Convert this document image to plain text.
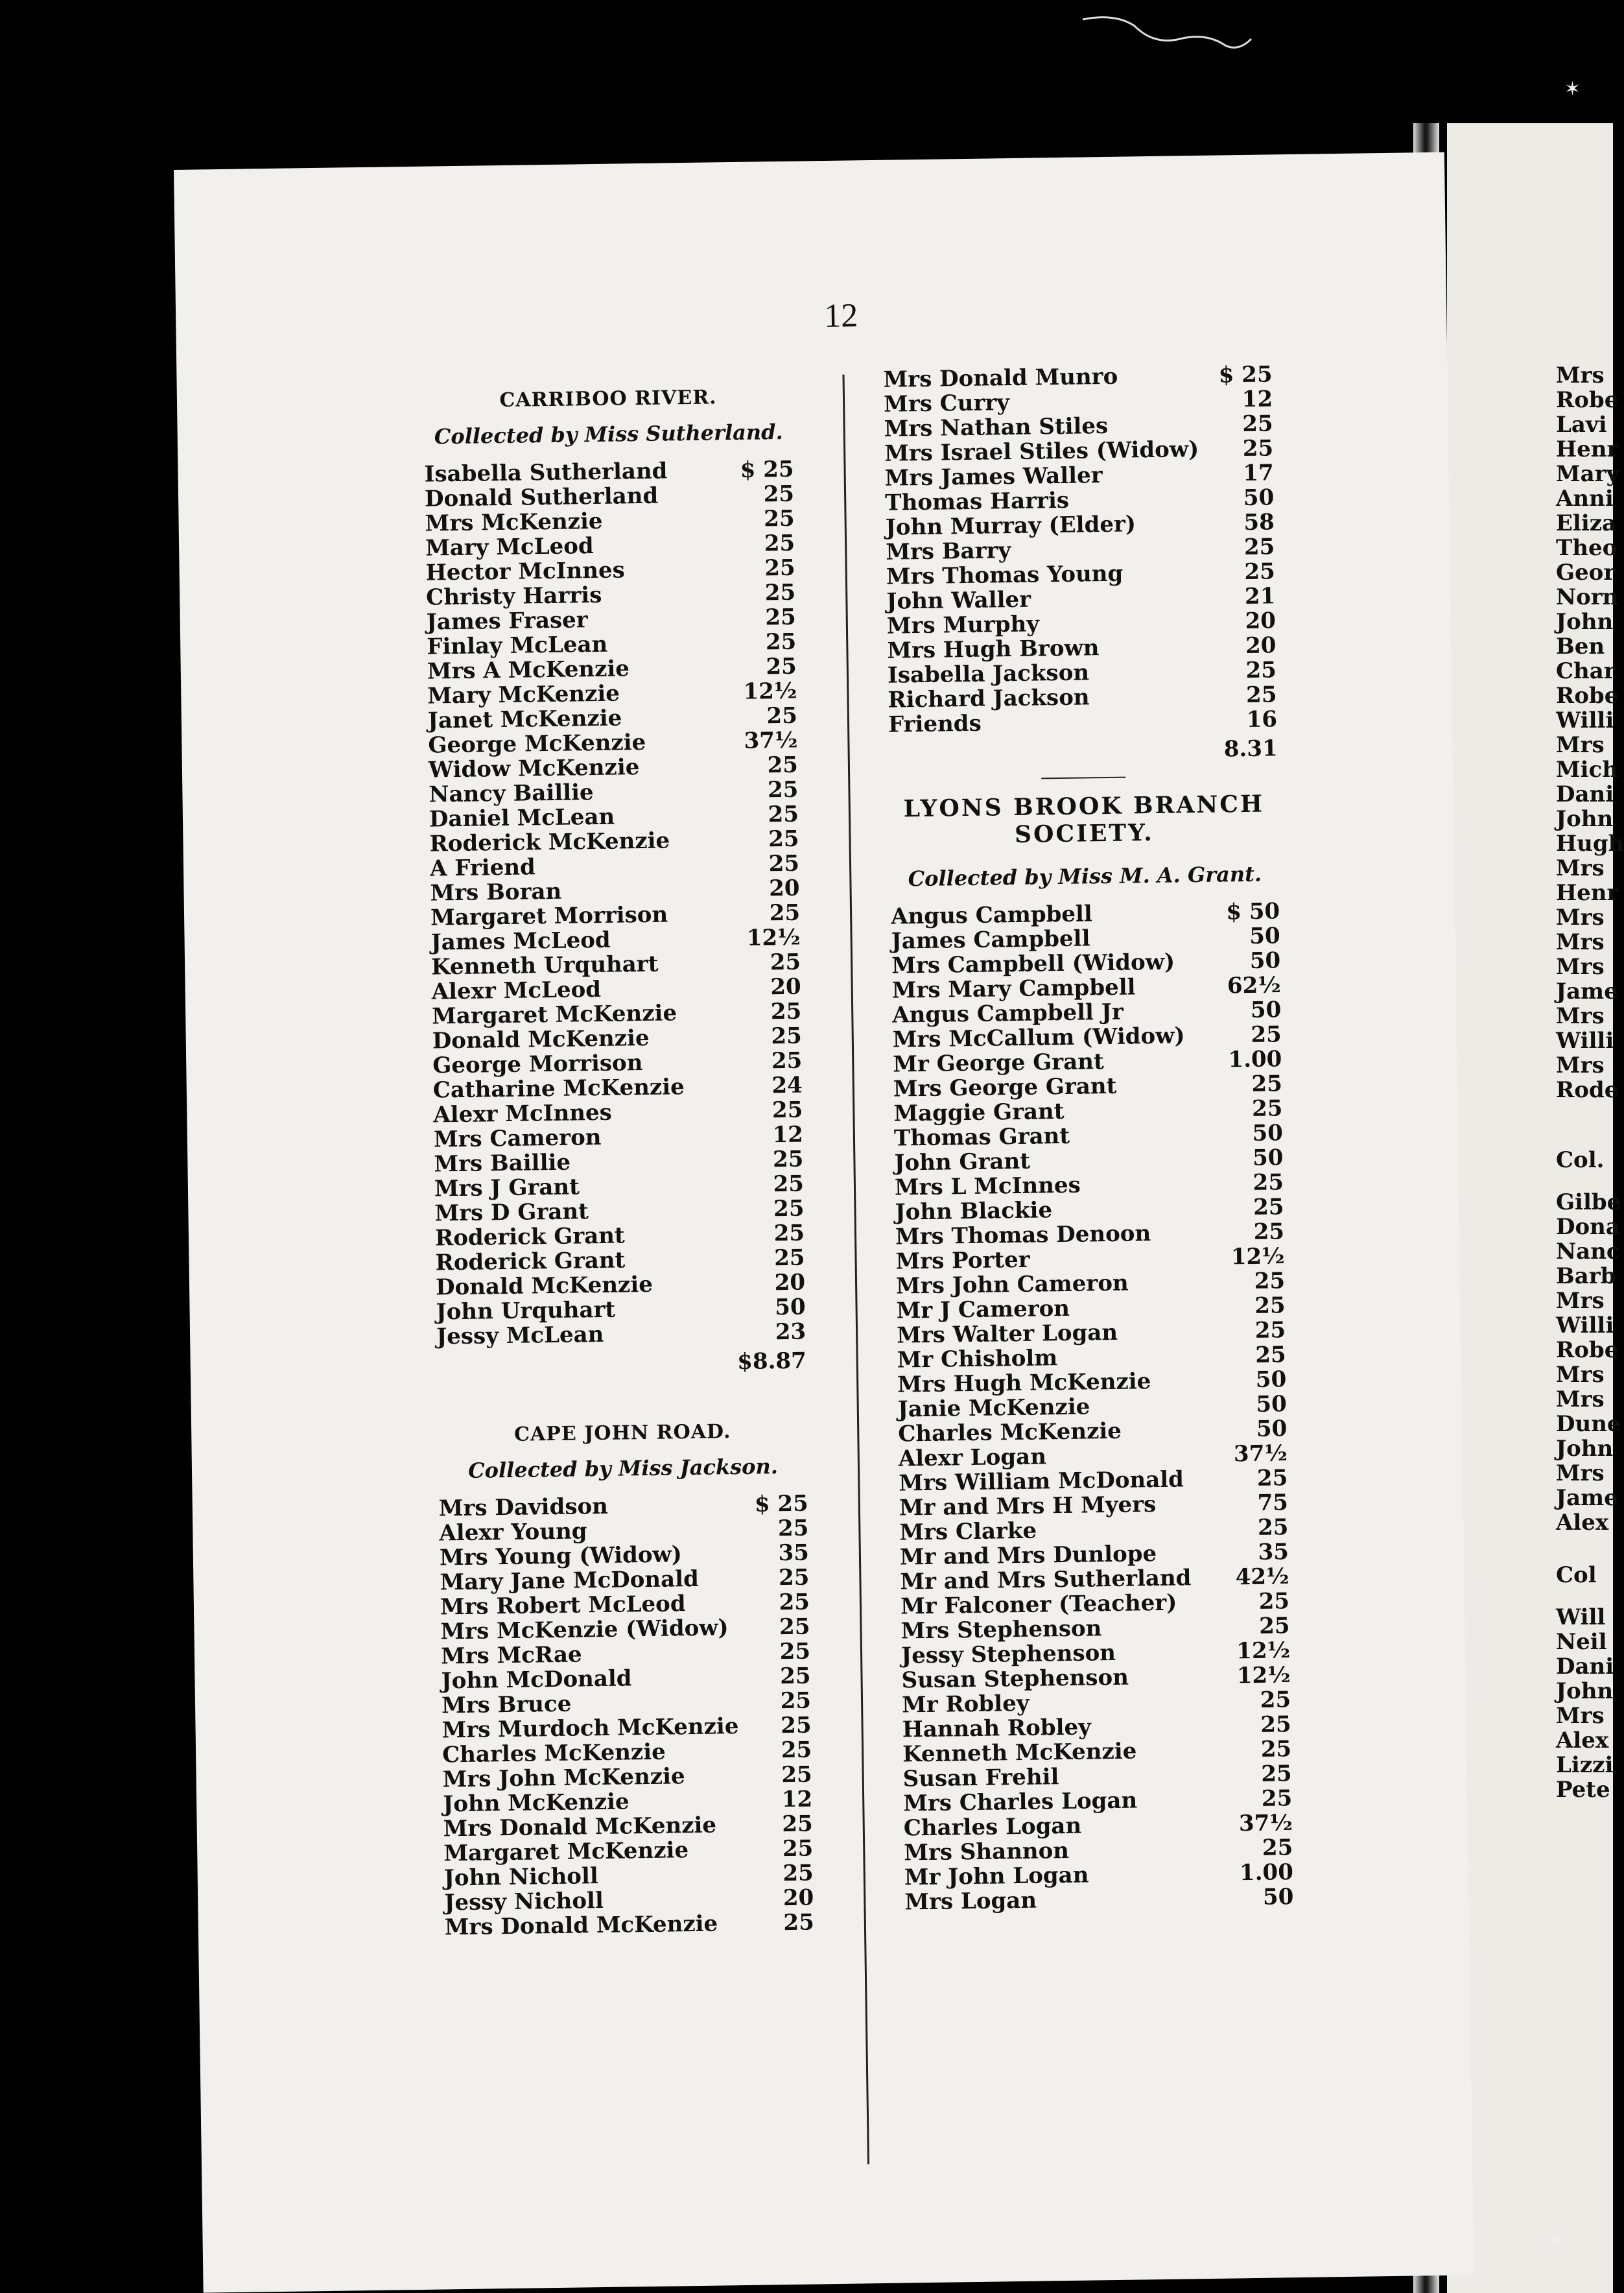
✶
❟
12
CARRIBOO RIVER.
Collected by Miss Sutherland.
Isabella Sutherland	$ 25
Donald Sutherland	25
Mrs McKenzie	25
Mary McLeod	25
Hector McInnes	25
Christy Harris	25
James Fraser	25
Finlay McLean	25
Mrs A McKenzie	25
Mary McKenzie	12½
Janet McKenzie	25
George McKenzie	37½
Widow McKenzie	25
Nancy Baillie	25
Daniel McLean	25
Roderick McKenzie	25
A Friend	25
Mrs Boran	20
Margaret Morrison	25
James McLeod	12½
Kenneth Urquhart	25
Alexr McLeod	20
Margaret McKenzie	25
Donald McKenzie	25
George Morrison	25
Catharine McKenzie	24
Alexr McInnes	25
Mrs Cameron	12
Mrs Baillie	25
Mrs J Grant	25
Mrs D Grant	25
Roderick Grant	25
Roderick Grant	25
Donald McKenzie	20
John Urquhart	50
Jessy McLean	23
$8.87
CAPE JOHN ROAD.
Collected by Miss Jackson.
Mrs Davidson	$ 25
Alexr Young	25
Mrs Young (Widow)	35
Mary Jane McDonald	25
Mrs Robert McLeod	25
Mrs McKenzie (Widow)	25
Mrs McRae	25
John McDonald	25
Mrs Bruce	25
Mrs Murdoch McKenzie	25
Charles McKenzie	25
Mrs John McKenzie	25
John McKenzie	12
Mrs Donald McKenzie	25
Margaret McKenzie	25
John Nicholl	25
Jessy Nicholl	20
Mrs Donald McKenzie	25
Mrs Donald Munro	$ 25
Mrs Curry	12
Mrs Nathan Stiles	25
Mrs Israel Stiles (Widow)	25
Mrs James Waller	17
Thomas Harris	50
John Murray (Elder)	58
Mrs Barry	25
Mrs Thomas Young	25
John Waller	21
Mrs Murphy	20
Mrs Hugh Brown	20
Isabella Jackson	25
Richard Jackson	25
Friends	16
8.31
LYONS BROOK BRANCH
SOCIETY.
Collected by Miss M. A. Grant.
Angus Campbell	$ 50
James Campbell	50
Mrs Campbell (Widow)	50
Mrs Mary Campbell	62½
Angus Campbell Jr	50
Mrs McCallum (Widow)	25
Mr George Grant	1.00
Mrs George Grant	25
Maggie Grant	25
Thomas Grant	50
John Grant	50
Mrs L McInnes	25
John Blackie	25
Mrs Thomas Denoon	25
Mrs Porter	12½
Mrs John Cameron	25
Mr J Cameron	25
Mrs Walter Logan	25
Mr Chisholm	25
Mrs Hugh McKenzie	50
Janie McKenzie	50
Charles McKenzie	50
Alexr Logan	37½
Mrs William McDonald	25
Mr and Mrs H Myers	75
Mrs Clarke	25
Mr and Mrs Dunlope	35
Mr and Mrs Sutherland 42½
Mr Falconer (Teacher)	25
Mrs Stephenson	25
Jessy Stephenson	12½
Susan Stephenson	12½
Mr Robley	25
Hannah Robley	25
Kenneth McKenzie	25
Susan Frehil	25
Mrs Charles Logan	25
Charles Logan	37½
Mrs Shannon	25
Mr John Logan	1.00
Mrs Logan	50
Mrs
Robe
Lavi
Henr
Mary
Anni
Eliza
Theo
Geor
Norn
John
Ben
Char
Robe
Willi
Mrs
Mich
Dani
John
Hugh
Mrs
Henr
Mrs
Mrs
Mrs
Jame
Mrs
Willi
Mrs
Rode
Col.
Gilbe
Dona
Nanc
Barb
Mrs
Willi
Robe
Mrs
Mrs
Dune
John
Mrs
Jame
Alex
Col
Will
Neil
Dani
John
Mrs
Alex
Lizzi
Pete
